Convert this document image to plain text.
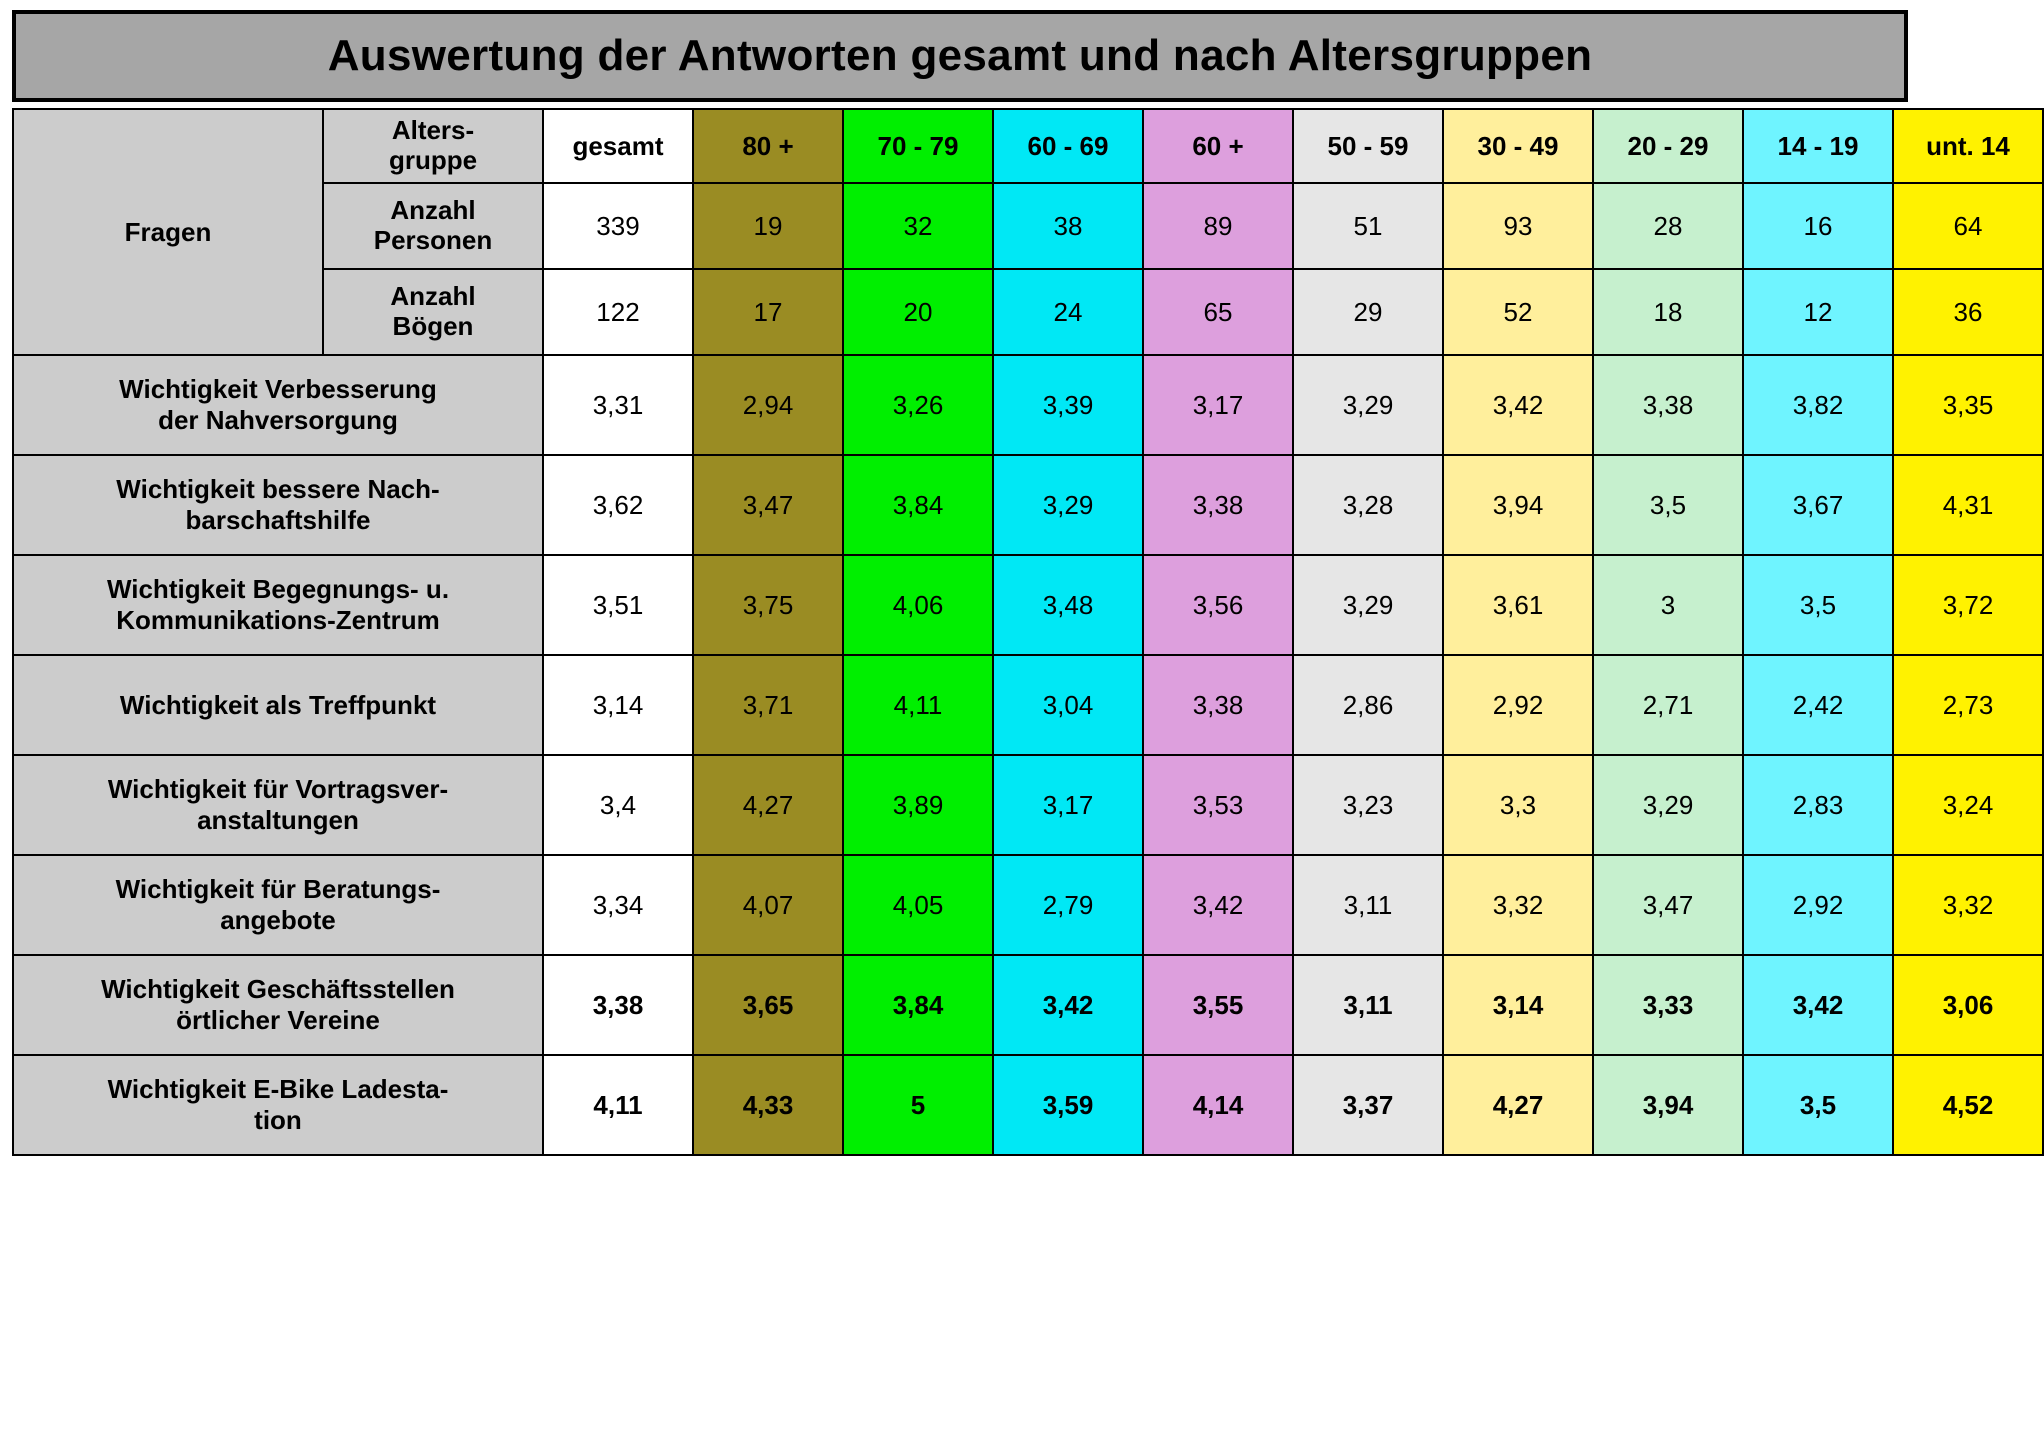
Auswertung der Antworten gesamt und nach Altersgruppen
Fragen	Alters-
gruppe	gesamt	80 +	70 - 79	60 - 69	60 +	50 - 59	30 - 49	20 - 29	14 - 19	unt. 14
	Anzahl
Personen	339	19	32	38	89	51	93	28	16	64
	Anzahl
Bögen	122	17	20	24	65	29	52	18	12	36
Wichtigkeit Verbesserung
der Nahversorgung		3,31	2,94	3,26	3,39	3,17	3,29	3,42	3,38	3,82	3,35
Wichtigkeit bessere Nach-
barschaftshilfe		3,62	3,47	3,84	3,29	3,38	3,28	3,94	3,5	3,67	4,31
Wichtigkeit Begegnungs- u.
Kommunikations-Zentrum		3,51	3,75	4,06	3,48	3,56	3,29	3,61	3	3,5	3,72
Wichtigkeit als Treffpunkt		3,14	3,71	4,11	3,04	3,38	2,86	2,92	2,71	2,42	2,73
Wichtigkeit für Vortragsver-
anstaltungen		3,4	4,27	3,89	3,17	3,53	3,23	3,3	3,29	2,83	3,24
Wichtigkeit für Beratungs-
angebote		3,34	4,07	4,05	2,79	3,42	3,11	3,32	3,47	2,92	3,32
Wichtigkeit Geschäftsstellen
örtlicher Vereine		3,38	3,65	3,84	3,42	3,55	3,11	3,14	3,33	3,42	3,06
Wichtigkeit E-Bike Ladesta-
tion		4,11	4,33	5	3,59	4,14	3,37	4,27	3,94	3,5	4,52
